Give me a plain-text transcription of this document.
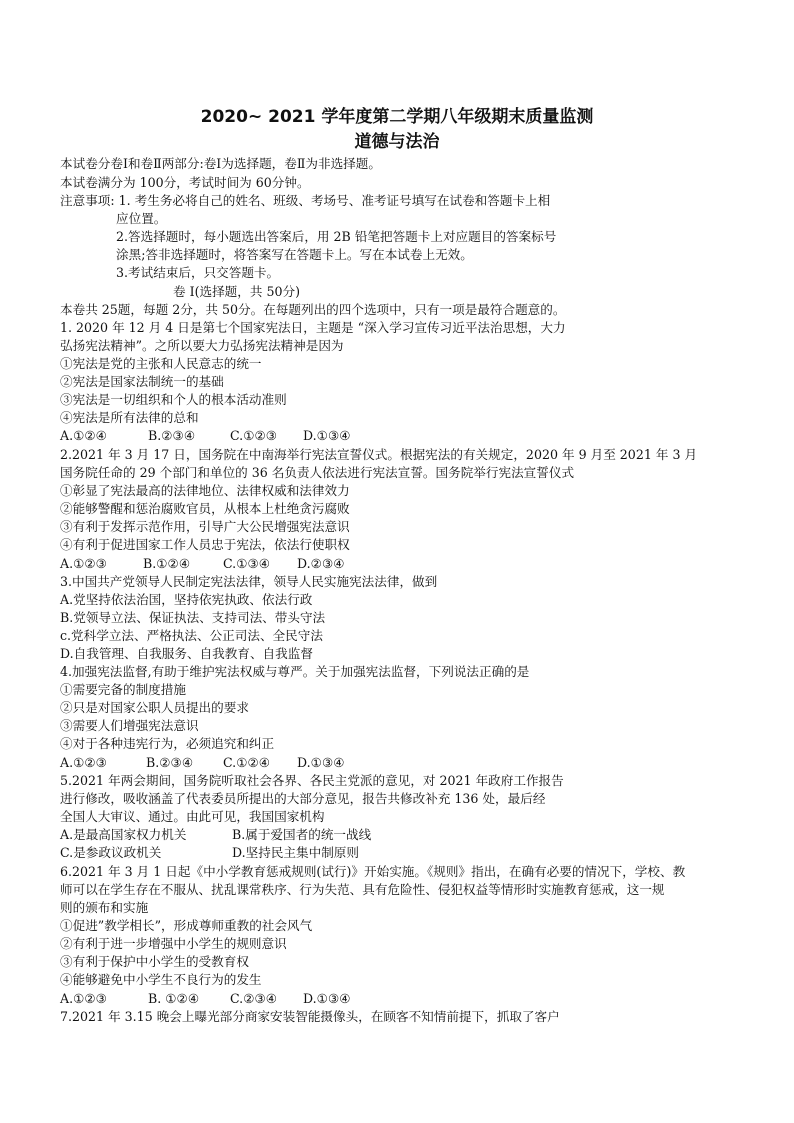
2020~ 2021 学年度第二学期八年级期末质量监测
道德与法治
本试卷分卷Ⅰ和卷Ⅱ两部分:卷Ⅰ为选择题，卷Ⅱ为非选择题。
本试卷满分为 100分，考试时间为 60分钟。
注意事项: 1. 考生务必将自己的姓名、班级、考场号、准考证号填写在试卷和答题卡上相
应位置。
2.答选择题时，每小题选出答案后，用 2B 铅笔把答题卡上对应题目的答案标号
涂黑;答非选择题时，将答案写在答题卡上。写在本试卷上无效。
3.考试结束后，只交答题卡。
卷 I(选择题，共 50分)
本卷共 25题，每题 2分，共 50分。在每题列出的四个选项中，只有一项是最符合题意的。
1. 2020 年 12 月 4 日是第七个国家宪法日，主题是 “深入学习宣传习近平法治思想，大力
弘扬宪法精神”。之所以要大力弘扬宪法精神是因为
①宪法是党的主张和人民意志的统一
②宪法是国家法制统一的基础
③宪法是一切组织和个人的根本活动准则
④宪法是所有法律的总和
A.①②④	B.②③④	C.①②③ D.①③④
2.2021 年 3 月 17 日，国务院在中南海举行宪法宣誓仪式。根据宪法的有关规定，2020 年 9 月至 2021 年 3 月
国务院任命的 29 个部门和单位的 36 名负责人依法进行宪法宣誓。国务院举行宪法宣誓仪式
①彰显了宪法最高的法律地位、法律权威和法律效力
②能够警醒和惩治腐败官员，从根本上杜绝贪污腐败
③有利于发挥示范作用，引导广大公民增强宪法意识
④有利于促进国家工作人员忠于宪法，依法行使职权
A.①②③	B.①②④	C.①③④ D.②③④
3.中国共产党领导人民制定宪法法律，领导人民实施宪法法律，做到
A.党坚持依法治国，坚持依宪执政、依法行政
B.党领导立法、保证执法、支持司法、带头守法
c.党科学立法、严格执法、公正司法、全民守法
D.自我管理、自我服务、自我教育、自我监督
4.加强宪法监督,有助于维护宪法权威与尊严。关于加强宪法监督，下列说法正确的是
①需要完备的制度措施
②只是对国家公职人员提出的要求
③需要人们增强宪法意识
④对于各种违宪行为，必须追究和纠正
A.①②③	B.②③④ C.①②④ D.①③④
5.2021 年两会期间，国务院听取社会各界、各民主党派的意见，对 2021 年政府工作报告
进行修改，吸收涵盖了代表委员所提出的大部分意见，报告共修改补充 136 处，最后经
全国人大审议、通过。由此可见，我国国家机构
A.是最高国家权力机关	B.属于爱国者的统一战线
C.是参政议政机关	D.坚持民主集中制原则
6.2021 年 3 月 1 日起《中小学教育惩戒规则(试行)》开始实施。《规则》指出，在确有必要的情况下，学校、教
师可以在学生存在不服从、扰乱课常秩序、行为失范、具有危险性、侵犯权益等情形时实施教育惩戒，这一规
则的颁布和实施
①促进”教学相长”，形成尊师重教的社会风气
②有利于进一步增强中小学生的规则意识
③有利于保护中小学生的受教育权
④能够避免中小学生不良行为的发生
A.①②③	B. ①②④ C.②③④ D.①③④
7.2021 年 3.15 晚会上曝光部分商家安装智能摄像头，在顾客不知情前提下，抓取了客户
